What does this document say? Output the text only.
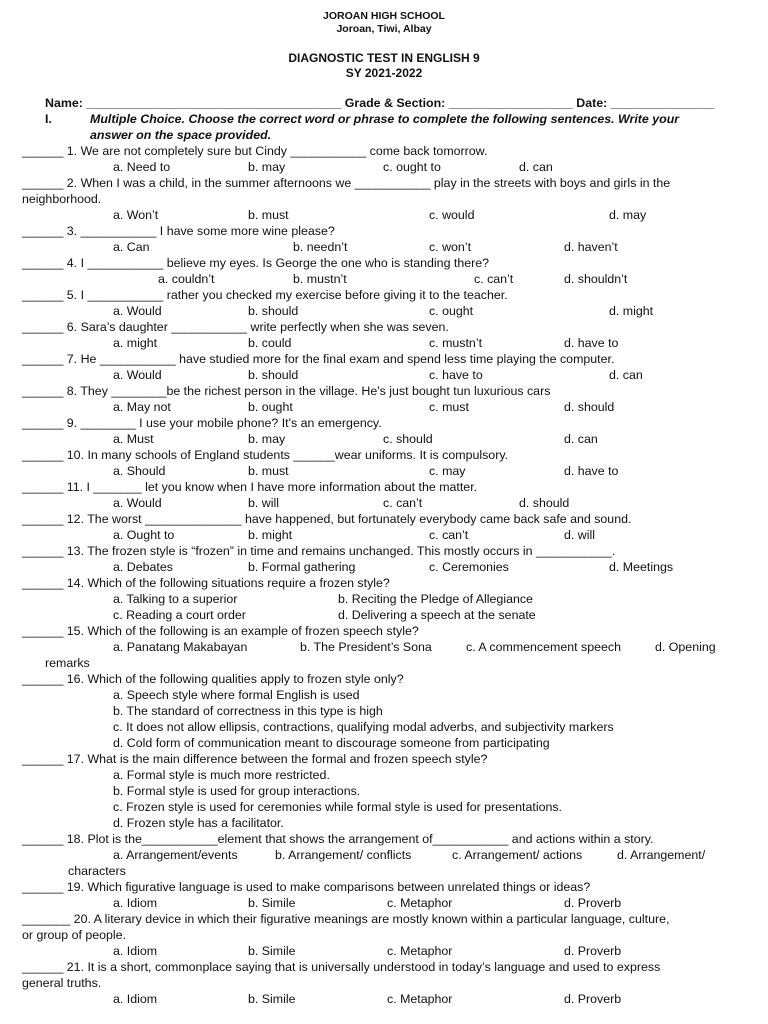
JOROAN HIGH SCHOOL
Joroan, Tiwi, Albay
DIAGNOSTIC TEST IN ENGLISH 9
SY 2021-2022
Name: _____________________________________ Grade & Section: __________________ Date: _______________
I.	Multiple Choice. Choose the correct word or phrase to complete the following sentences. Write your
answer on the space provided.
______ 1. We are not completely sure but Cindy ___________ come back tomorrow.
a. Need to	b. may	c. ought to	d. can
______ 2. When I was a child, in the summer afternoons we ___________ play in the streets with boys and girls in the
neighborhood.
a. Won’t	b. must	c. would	d. may
______ 3. ___________ I have some more wine please?
a. Can	b. needn’t	c. won’t	d. haven’t
______ 4. I ___________ believe my eyes. Is George the one who is standing there?
a. couldn’t	b. mustn’t	c. can’t	d. shouldn’t
______ 5. I ___________ rather you checked my exercise before giving it to the teacher.
a. Would	b. should	c. ought	d. might
______ 6. Sara’s daughter ___________ write perfectly when she was seven.
a. might	b. could	c. mustn’t	d. have to
______ 7. He ___________ have studied more for the final exam and spend less time playing the computer.
a. Would	b. should	c. have to	d. can
______ 8. They ________be the richest person in the village. He's just bought tun luxurious cars
a. May not	b. ought	c. must	d. should
______ 9. ________ I use your mobile phone? It's an emergency.
a. Must	b. may	c. should	d. can
______ 10. In many schools of England students ______wear uniforms. It is compulsory.
a. Should	b. must	c. may	d. have to
______ 11. I _______ let you know when I have more information about the matter.
a. Would	b. will	c. can’t	d. should
______ 12. The worst ______________ have happened, but fortunately everybody came back safe and sound.
a. Ought to	b. might	c. can’t	d. will
______ 13. The frozen style is “frozen” in time and remains unchanged. This mostly occurs in ___________.
a. Debates	b. Formal gathering	c. Ceremonies	d. Meetings
______ 14. Which of the following situations require a frozen style?
a. Talking to a superior	b. Reciting the Pledge of Allegiance
c. Reading a court order	d. Delivering a speech at the senate
______ 15. Which of the following is an example of frozen speech style?
remarks
a. Panatang Makabayan	b. The President’s Sona	c. A commencement speech	d. Opening
______ 16. Which of the following qualities apply to frozen style only?
a. Speech style where formal English is used
b. The standard of correctness in this type is high
c. It does not allow ellipsis, contractions, qualifying modal adverbs, and subjectivity markers
d. Cold form of communication meant to discourage someone from participating
______ 17. What is the main difference between the formal and frozen speech style?
a. Formal style is much more restricted.
b. Formal style is used for group interactions.
c. Frozen style is used for ceremonies while formal style is used for presentations.
d. Frozen style has a facilitator.
______ 18. Plot is the___________element that shows the arrangement of___________ and actions within a story.
characters
a. Arrangement/events	b. Arrangement/ conflicts	c. Arrangement/ actions	d. Arrangement/
______ 19. Which figurative language is used to make comparisons between unrelated things or ideas?
a. Idiom	b. Simile	c. Metaphor	d. Proverb
_______ 20. A literary device in which their figurative meanings are mostly known within a particular language, culture,
or group of people.
a. Idiom	b. Simile	c. Metaphor	d. Proverb
______ 21. It is a short, commonplace saying that is universally understood in today’s language and used to express
general truths.
a. Idiom	b. Simile	c. Metaphor	d. Proverb
